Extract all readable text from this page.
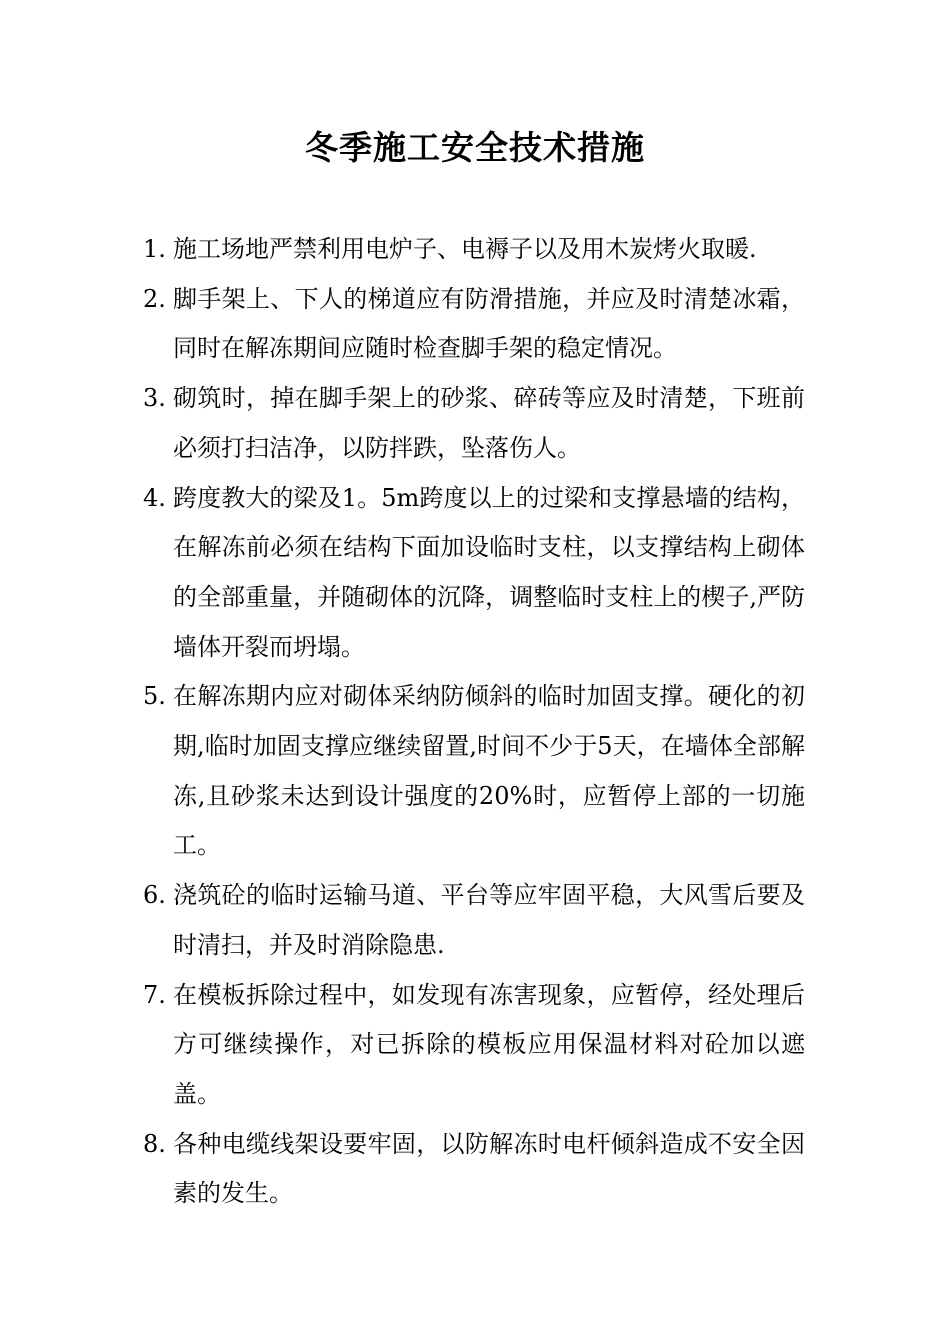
冬季施工安全技术措施
1. 施工场地严禁利用电炉子、电褥子以及用木炭烤火取暖.
2. 脚手架上、下人的梯道应有防滑措施，并应及时清楚冰霜，同时在解冻期间应随时检查脚手架的稳定情况。
3. 砌筑时，掉在脚手架上的砂浆、碎砖等应及时清楚，下班前必须打扫洁净，以防拌跌，坠落伤人。
4. 跨度教大的梁及1。5m跨度以上的过梁和支撑悬墙的结构，在解冻前必须在结构下面加设临时支柱，以支撑结构上砌体的全部重量，并随砌体的沉降，调整临时支柱上的楔子,严防墙体开裂而坍塌。
5. 在解冻期内应对砌体采纳防倾斜的临时加固支撑。硬化的初期,临时加固支撑应继续留置,时间不少于5天，在墙体全部解冻,且砂浆未达到设计强度的20%时，应暂停上部的一切施工。
6. 浇筑砼的临时运输马道、平台等应牢固平稳，大风雪后要及时清扫，并及时消除隐患.
7. 在模板拆除过程中，如发现有冻害现象，应暂停，经处理后方可继续操作，对已拆除的模板应用保温材料对砼加以遮盖。
8. 各种电缆线架设要牢固，以防解冻时电杆倾斜造成不安全因素的发生。
